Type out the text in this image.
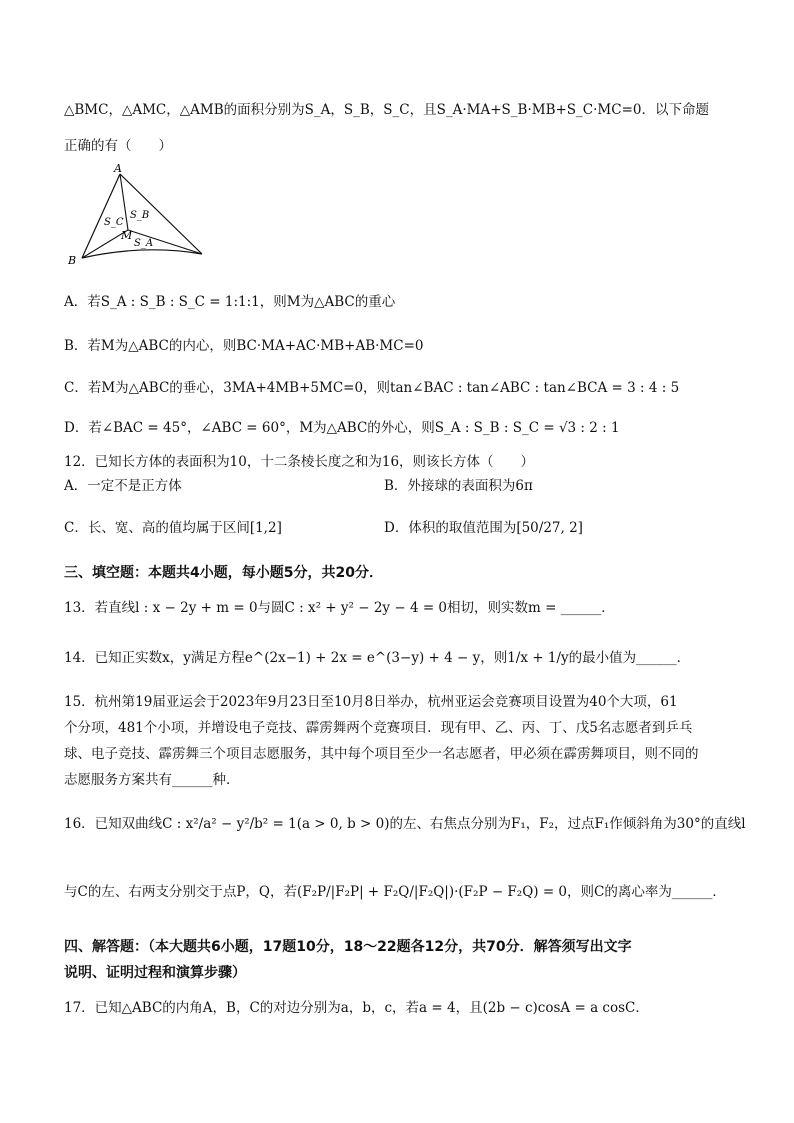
△BMC，△AMC，△AMB的面积分别为S_A，S_B，S_C，且S_A·MA+S_B·MB+S_C·MC=0．以下命题
正确的有（　　）
A
B
M
S_C
S_B
S_A
A．若S_A : S_B : S_C = 1:1:1，则M为△ABC的重心
B．若M为△ABC的内心，则BC·MA+AC·MB+AB·MC=0
C．若M为△ABC的垂心，3MA+4MB+5MC=0，则tan∠BAC : tan∠ABC : tan∠BCA = 3 : 4 : 5
D．若∠BAC = 45°，∠ABC = 60°，M为△ABC的外心，则S_A : S_B : S_C = √3 : 2 : 1
12．已知长方体的表面积为10，十二条棱长度之和为16，则该长方体（　　）
A．一定不是正方体	B．外接球的表面积为6π
C．长、宽、高的值均属于区间[1,2]	D．体积的取值范围为[50/27, 2]
三、填空题：本题共4小题，每小题5分，共20分．
13．若直线l : x − 2y + m = 0与圆C : x² + y² − 2y − 4 = 0相切，则实数m = ______．
14．已知正实数x，y满足方程e^(2x−1) + 2x = e^(3−y) + 4 − y，则1/x + 1/y的最小值为______．
15．杭州第19届亚运会于2023年9月23日至10月8日举办，杭州亚运会竞赛项目设置为40个大项，61
个分项，481个小项，并增设电子竞技、霹雳舞两个竞赛项目．现有甲、乙、丙、丁、戊5名志愿者到乒乓
球、电子竞技、霹雳舞三个项目志愿服务，其中每个项目至少一名志愿者，甲必须在霹雳舞项目，则不同的
志愿服务方案共有______种．
16．已知双曲线C : x²/a² − y²/b² = 1(a > 0, b > 0)的左、右焦点分别为F₁，F₂，过点F₁作倾斜角为30°的直线l
与C的左、右两支分别交于点P，Q，若(F₂P/|F₂P| + F₂Q/|F₂Q|)·(F₂P − F₂Q) = 0，则C的离心率为______．
四、解答题：（本大题共6小题，17题10分，18～22题各12分，共70分．解答须写出文字
说明、证明过程和演算步骤）
17．已知△ABC的内角A，B，C的对边分别为a，b，c，若a = 4，且(2b − c)cosA = a cosC．
